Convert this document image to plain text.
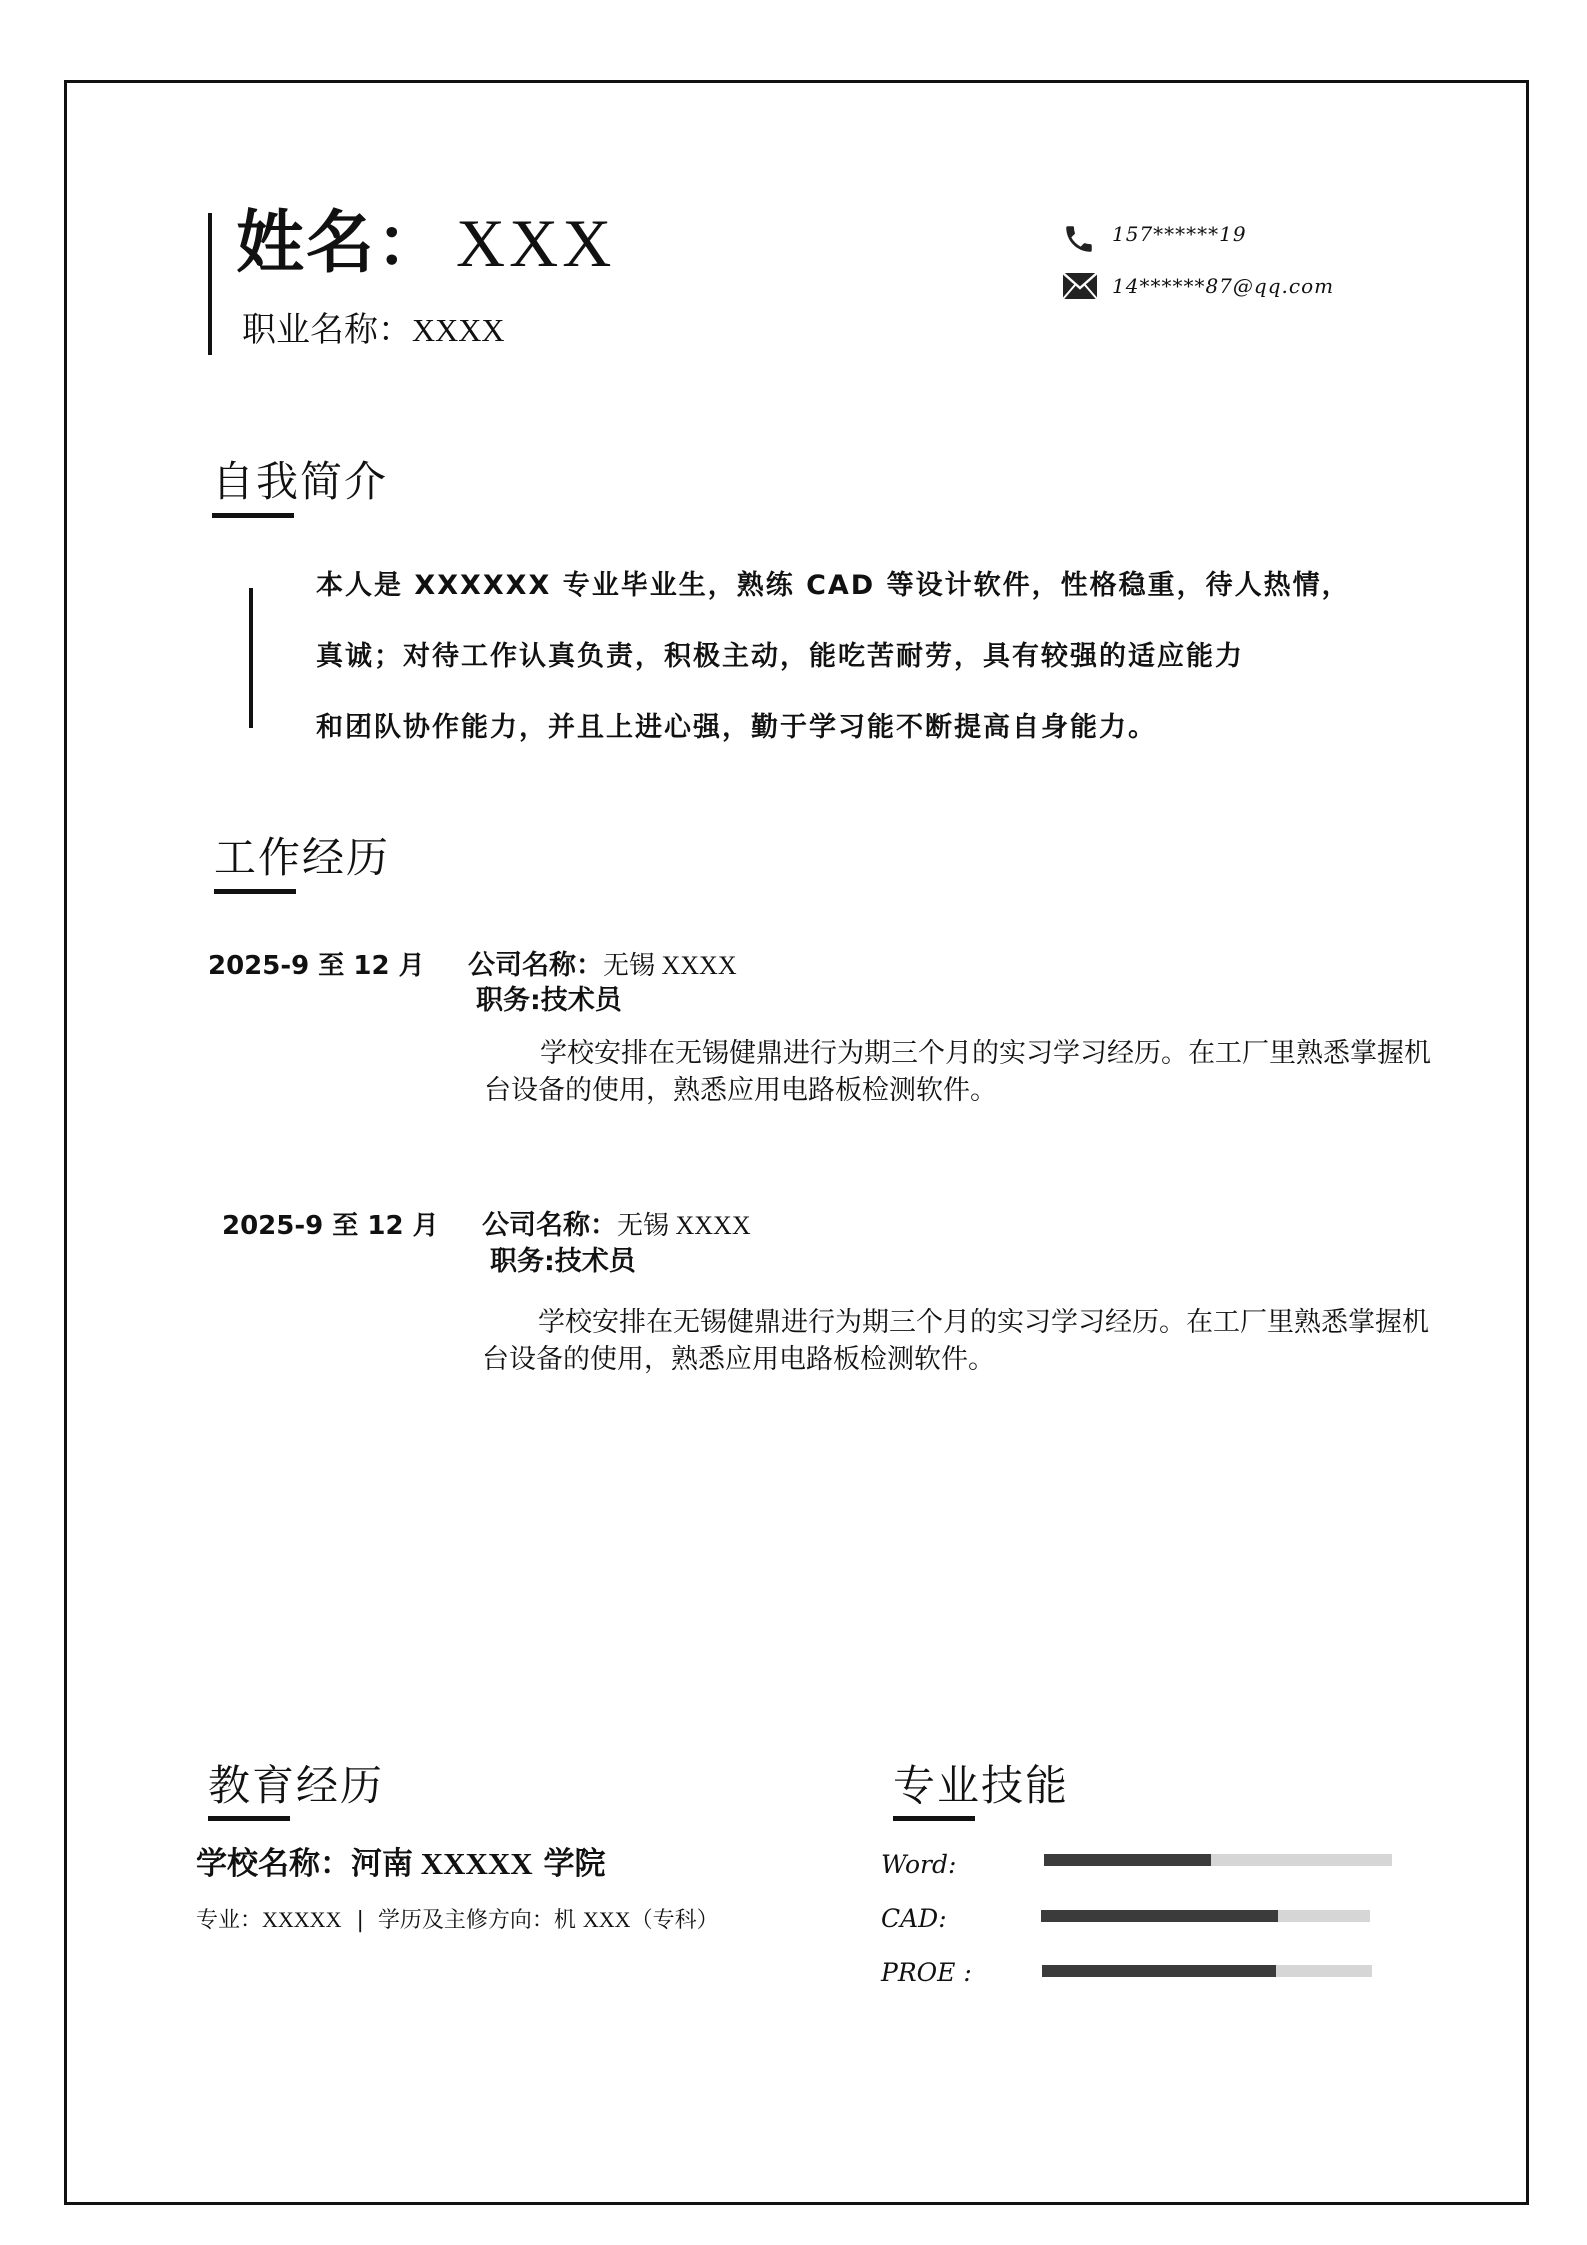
姓名： XXX
职业名称：XXXX
157******19
14******87@qq.com
自我简介
本人是 XXXXXX 专业毕业生，熟练 CAD 等设计软件，性格稳重，待人热情，
真诚；对待工作认真负责，积极主动，能吃苦耐劳，具有较强的适应能力
和团队协作能力，并且上进心强，勤于学习能不断提高自身能力。
工作经历
2025-9 至 12 月 公司名称：无锡 XXXX
职务:技术员
学校安排在无锡健鼎进行为期三个月的实习学习经历。在工厂里熟悉掌握机台设备的使用，熟悉应用电路板检测软件。
2025-9 至 12 月 公司名称：无锡 XXXX
职务:技术员
学校安排在无锡健鼎进行为期三个月的实习学习经历。在工厂里熟悉掌握机台设备的使用，熟悉应用电路板检测软件。
教育经历
学校名称：河南 XXXXX 学院
专业：XXXXX | 学历及主修方向：机 XXX（专科）
专业技能
Word:
CAD:
PROE :
